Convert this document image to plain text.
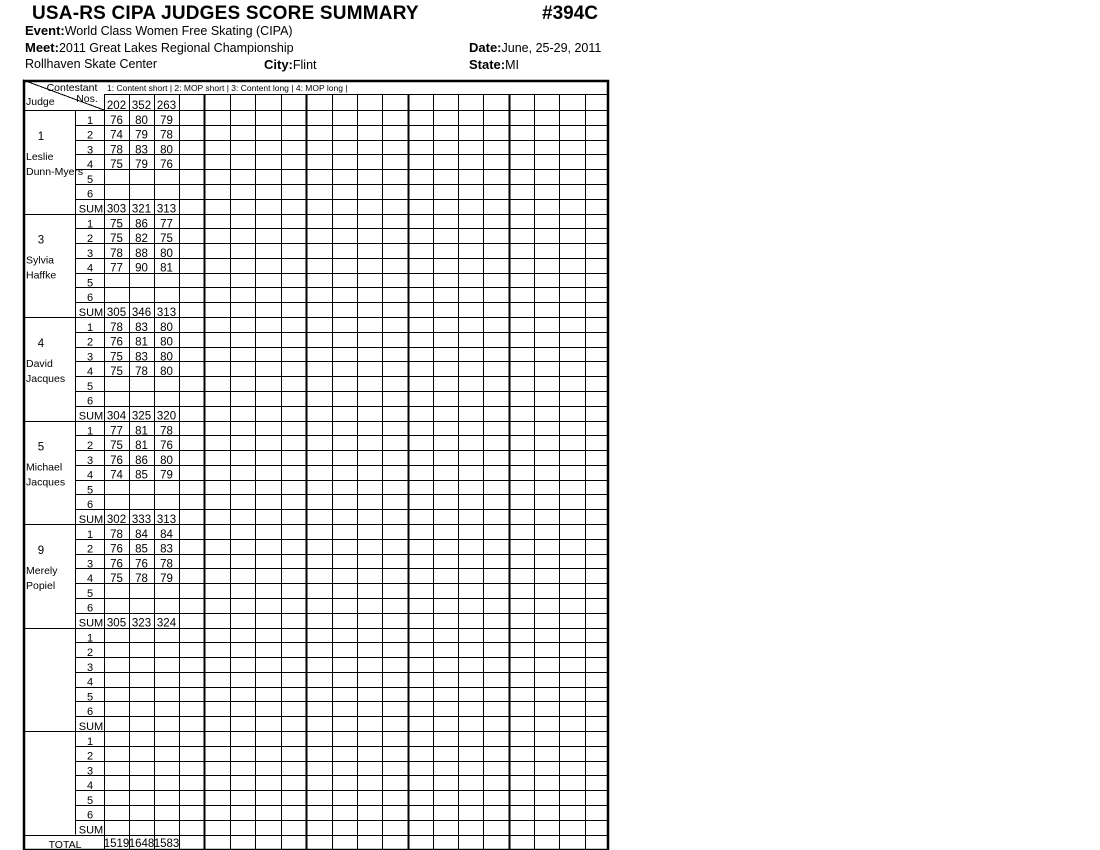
USA-RS CIPA JUDGES SCORE SUMMARY	#394C
Event:World Class Women Free Skating (CIPA)
Meet:2011 Great Lakes Regional Championship	Date:June, 25-29, 2011
Rollhaven Skate Center	City:Flint	State:MI
Contestant
Nos.
Judge
1: Content short | 2: MOP short | 3: Content long | 4: MOP long |
202 352 263
1
Leslie
Dunn-Myers
1 76 80 79
2 74 79 78
3 78 83 80
4 75 79 76
5
6
SUM 303 321 313
3
Sylvia
Haffke
1 75 86 77
2 75 82 75
3 78 88 80
4 77 90 81
5
6
SUM 305 346 313
4
David
Jacques
1 78 83 80
2 76 81 80
3 75 83 80
4 75 78 80
5
6
SUM 304 325 320
5
Michael
Jacques
1 77 81 78
2 75 81 76
3 76 86 80
4 74 85 79
5
6
SUM 302 333 313
9
Merely
Popiel
1 78 84 84
2 76 85 83
3 76 76 78
4 75 78 79
5
6
SUM 305 323 324
1
2
3
4
5
6
SUM
1
2
3
4
5
6
SUM
TOTAL 1519 1648 1583
